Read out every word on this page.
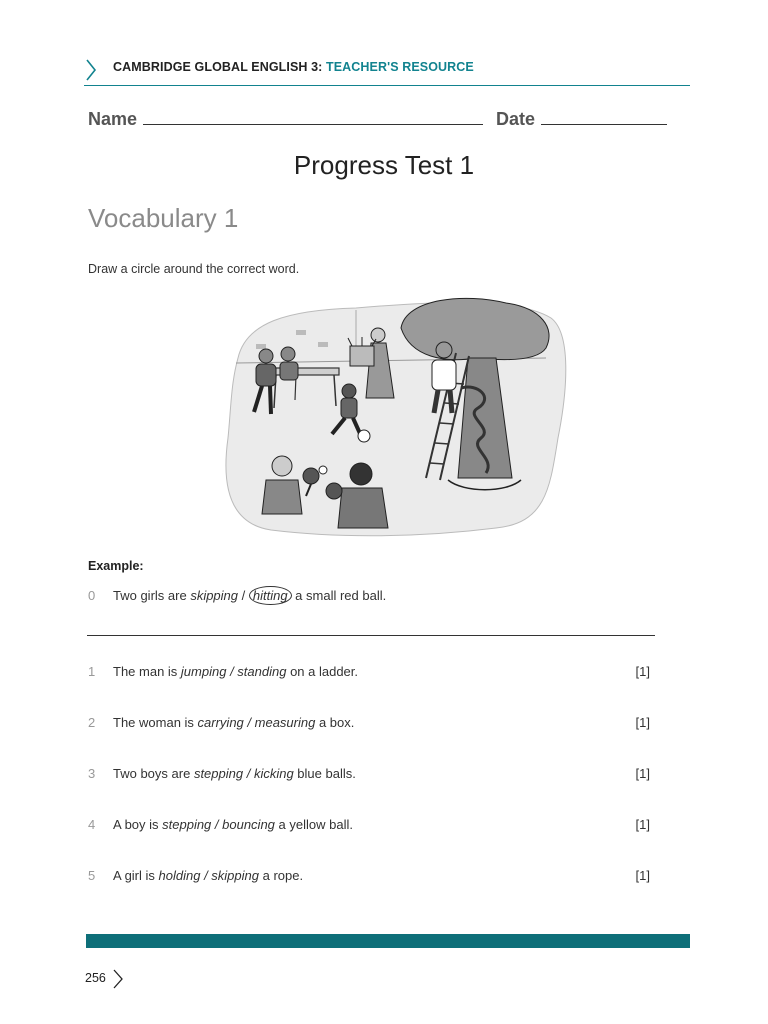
CAMBRIDGE GLOBAL ENGLISH 3: TEACHER'S RESOURCE
Name	Date
Progress Test 1
Vocabulary 1
Draw a circle around the correct word.
Example:
0 Two girls are skipping / hitting a small red ball.
1 The man is jumping / standing on a ladder.	[1]
2 The woman is carrying / measuring a box.	[1]
3 Two boys are stepping / kicking blue balls.	[1]
4 A boy is stepping / bouncing a yellow ball.	[1]
5 A girl is holding / skipping a rope.	[1]
256
